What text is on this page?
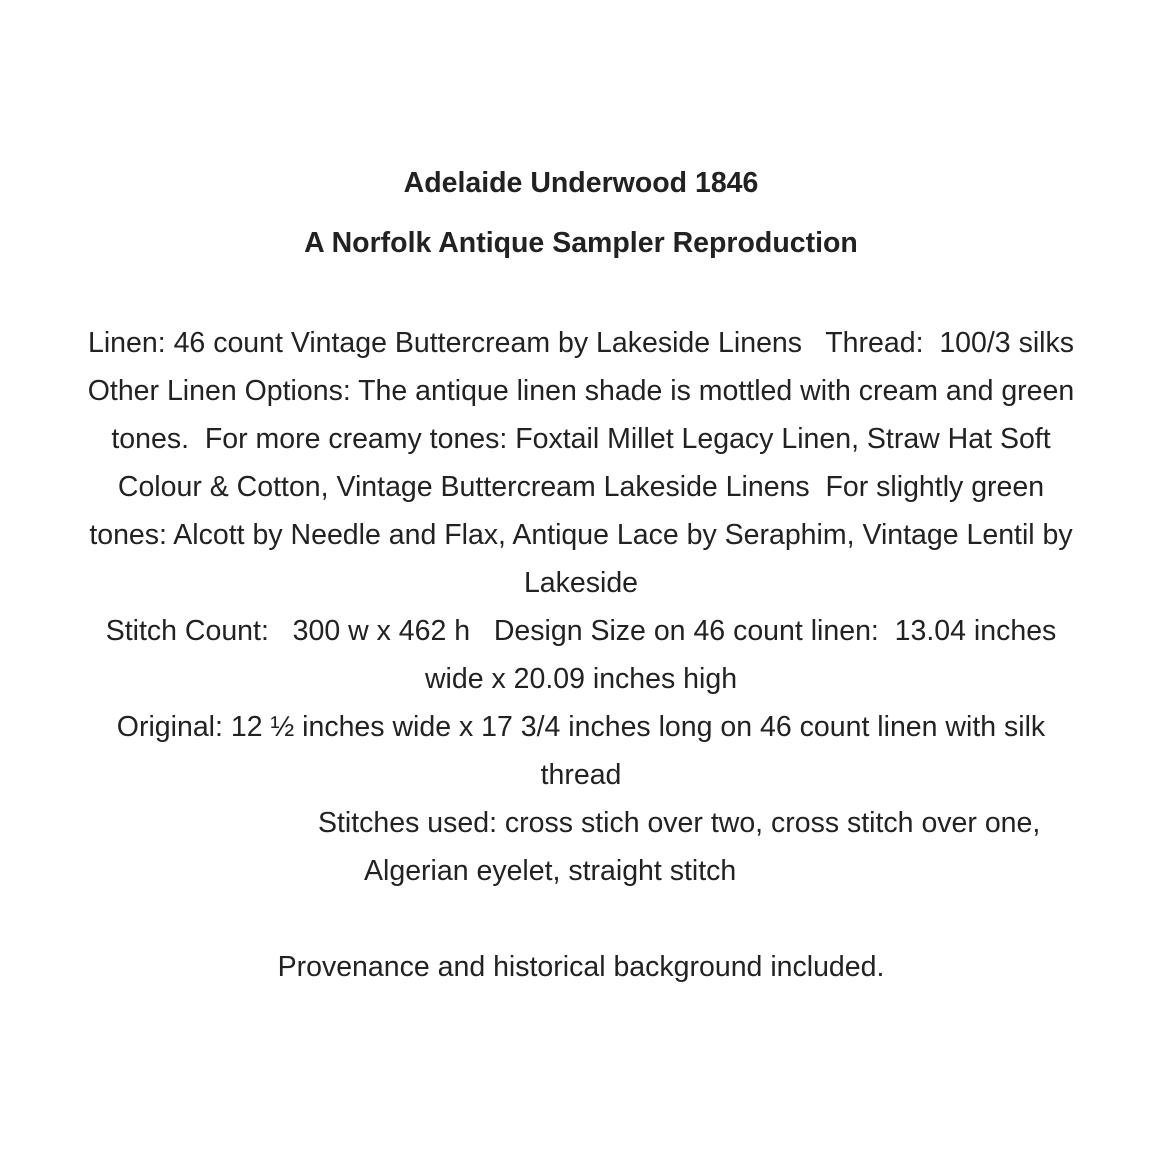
Adelaide Underwood 1846
A Norfolk Antique Sampler Reproduction
Linen: 46 count Vintage Buttercream by Lakeside Linens   Thread:  100/3 silks
Other Linen Options: The antique linen shade is mottled with cream and green
tones.  For more creamy tones: Foxtail Millet Legacy Linen, Straw Hat Soft
Colour & Cotton, Vintage Buttercream Lakeside Linens  For slightly green
tones: Alcott by Needle and Flax, Antique Lace by Seraphim, Vintage Lentil by
Lakeside
Stitch Count:   300 w x 462 h   Design Size on 46 count linen:  13.04 inches
wide x 20.09 inches high
Original: 12 ½ inches wide x 17 3/4 inches long on 46 count linen with silk
thread
Stitches used: cross stich over two, cross stitch over one,
Algerian eyelet, straight stitch
Provenance and historical background included.
